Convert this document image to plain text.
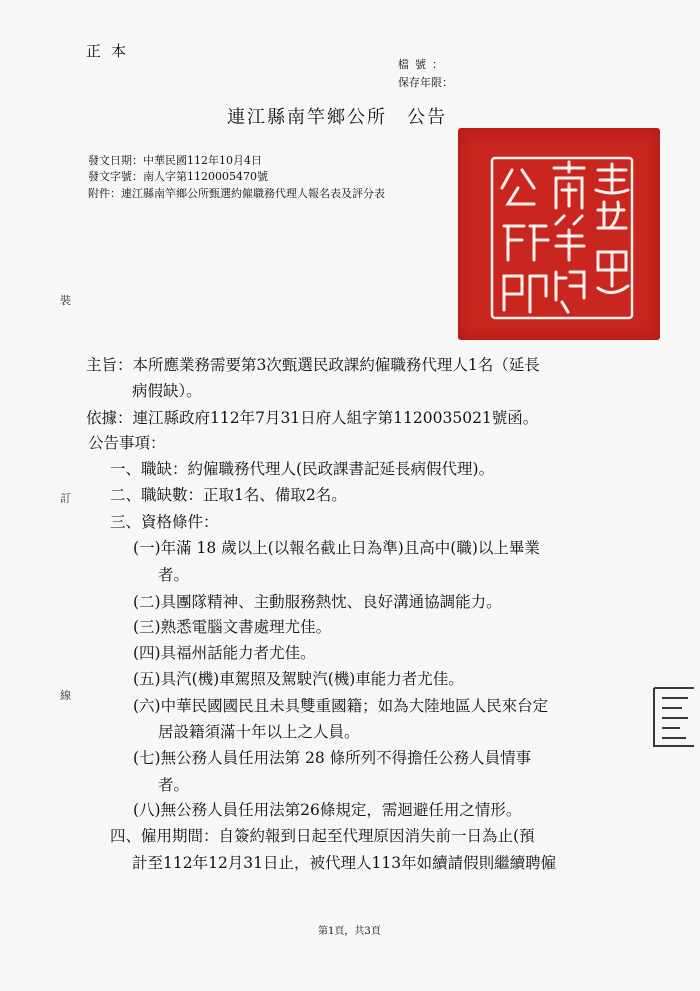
正本
檔號：
保存年限：
連江縣南竿鄉公所 公告
發文日期：中華民國112年10月4日
發文字號：南人字第1120005470號
附件：連江縣南竿鄉公所甄選約僱職務代理人報名表及評分表
裝
訂
線
主旨：本所應業務需要第3次甄選民政課約僱職務代理人1名（延長
病假缺）。
依據：連江縣政府112年7月31日府人組字第1120035021號函。
公告事項：
一、職缺：約僱職務代理人(民政課書記延長病假代理)。
二、職缺數：正取1名、備取2名。
三、資格條件：
(一)年滿 18 歲以上(以報名截止日為準)且高中(職)以上畢業
者。
(二)具團隊精神、主動服務熱忱、良好溝通協調能力。
(三)熟悉電腦文書處理尤佳。
(四)具福州話能力者尤佳。
(五)具汽(機)車駕照及駕駛汽(機)車能力者尤佳。
(六)中華民國國民且未具雙重國籍；如為大陸地區人民來台定
居設籍須滿十年以上之人員。
(七)無公務人員任用法第 28 條所列不得擔任公務人員情事
者。
(八)無公務人員任用法第26條規定，需迴避任用之情形。
四、僱用期間：自簽約報到日起至代理原因消失前一日為止(預
計至112年12月31日止，被代理人113年如續請假則繼續聘僱
第1頁，共3頁
